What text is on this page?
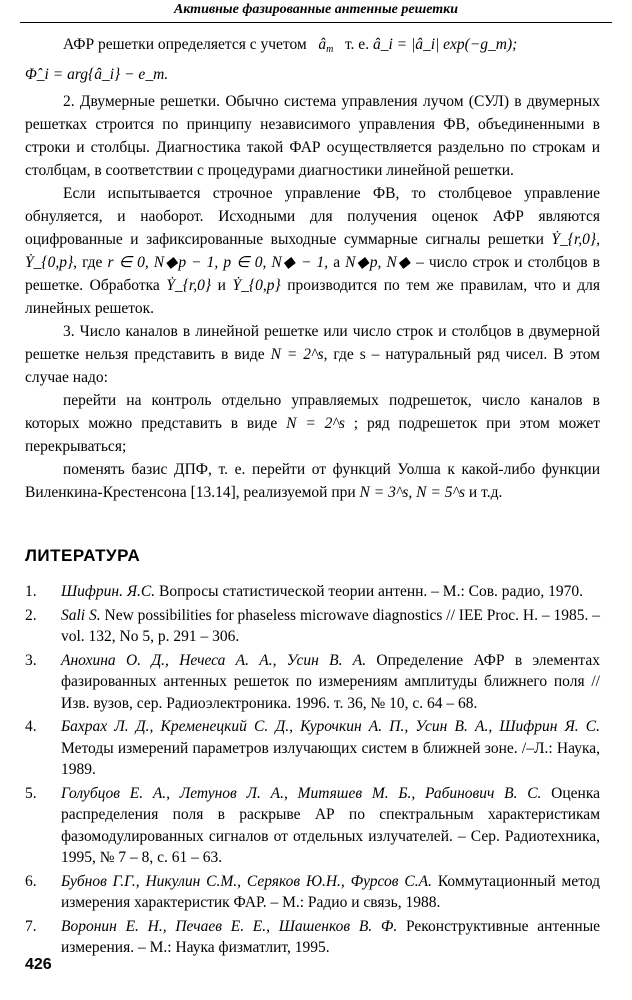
Активные фазированные антенные решетки

АФР решетки определяется с учетом $â_m$ т. е. â_i = |â_i| exp(−g_m);

Φ̂_i = arg{â_i} − e_m.

2. Двумерные решетки. Обычно система управления лучом (СУЛ) в двумерных решетках строится по принципу независимого управления ФВ, объединенными в строки и столбцы. Диагностика такой ФАР осуществляется раздельно по строкам и столбцам, в соответствии с процедурами диагностики линейной решетки.

Если испытывается строчное управление ФВ, то столбцевое управление обнуляется, и наоборот. Исходными для получения оценок АФР являются оцифрованные и зафиксированные выходные суммарные сигналы решетки Ẏ_{r,0}, Ẏ_{0,p}, где r ∈ 0, N◆p − 1, p ∈ 0, N◆ − 1, а N◆p, N◆ – число строк и столбцов в решетке. Обработка Ẏ_{r,0} и Ẏ_{0,p} производится по тем же правилам, что и для линейных решеток.

3. Число каналов в линейной решетке или число строк и столбцов в двумерной решетке нельзя представить в виде N = 2^s, где s – натуральный ряд чисел. В этом случае надо:

перейти на контроль отдельно управляемых подрешеток, число каналов в которых можно представить в виде N = 2^s ; ряд подрешеток при этом может перекрываться;

поменять базис ДПФ, т. е. перейти от функций Уолша к какой-либо функции Виленкина-Крестенсона [13.14], реализуемой при N = 3^s, N = 5^s и т.д.

ЛИТЕРАТУРА
1.	Шифрин. Я.С. Вопросы статистической теории антенн. – М.: Сов. радио, 1970.
2.	Sali S. New possibilities for phaseless microwave diagnostics // IEE Proc. H. – 1985. – vol. 132, No 5, p. 291 – 306.
3.	Анохина О. Д., Нечеса А. А., Усин В. А. Определение АФР в элементах фазированных антенных решеток по измерениям амплитуды ближнего поля // Изв. вузов, сер. Радиоэлектроника. 1996. т. 36, № 10, с. 64 – 68.
4.	Бахрах Л. Д., Кременецкий С. Д., Курочкин А. П., Усин В. А., Шифрин Я. С. Методы измерений параметров излучающих систем в ближней зоне. /–Л.: Наука, 1989.
5.	Голубцов Е. А., Летунов Л. А., Митяшев М. Б., Рабинович В. С. Оценка распределения поля в раскрыве АР по спектральным характеристикам фазомодулированных сигналов от отдельных излучателей. – Сер. Радиотехника, 1995, № 7 – 8, с. 61 – 63.
6.	Бубнов Г.Г., Никулин С.М., Серяков Ю.Н., Фурсов С.А. Коммутационный метод измерения характеристик ФАР. – М.: Радио и связь, 1988.
7.	Воронин Е. Н., Печаев Е. Е., Шашенков В. Ф. Реконструктивные антенные измерения. – М.: Наука физматлит, 1995.
426
